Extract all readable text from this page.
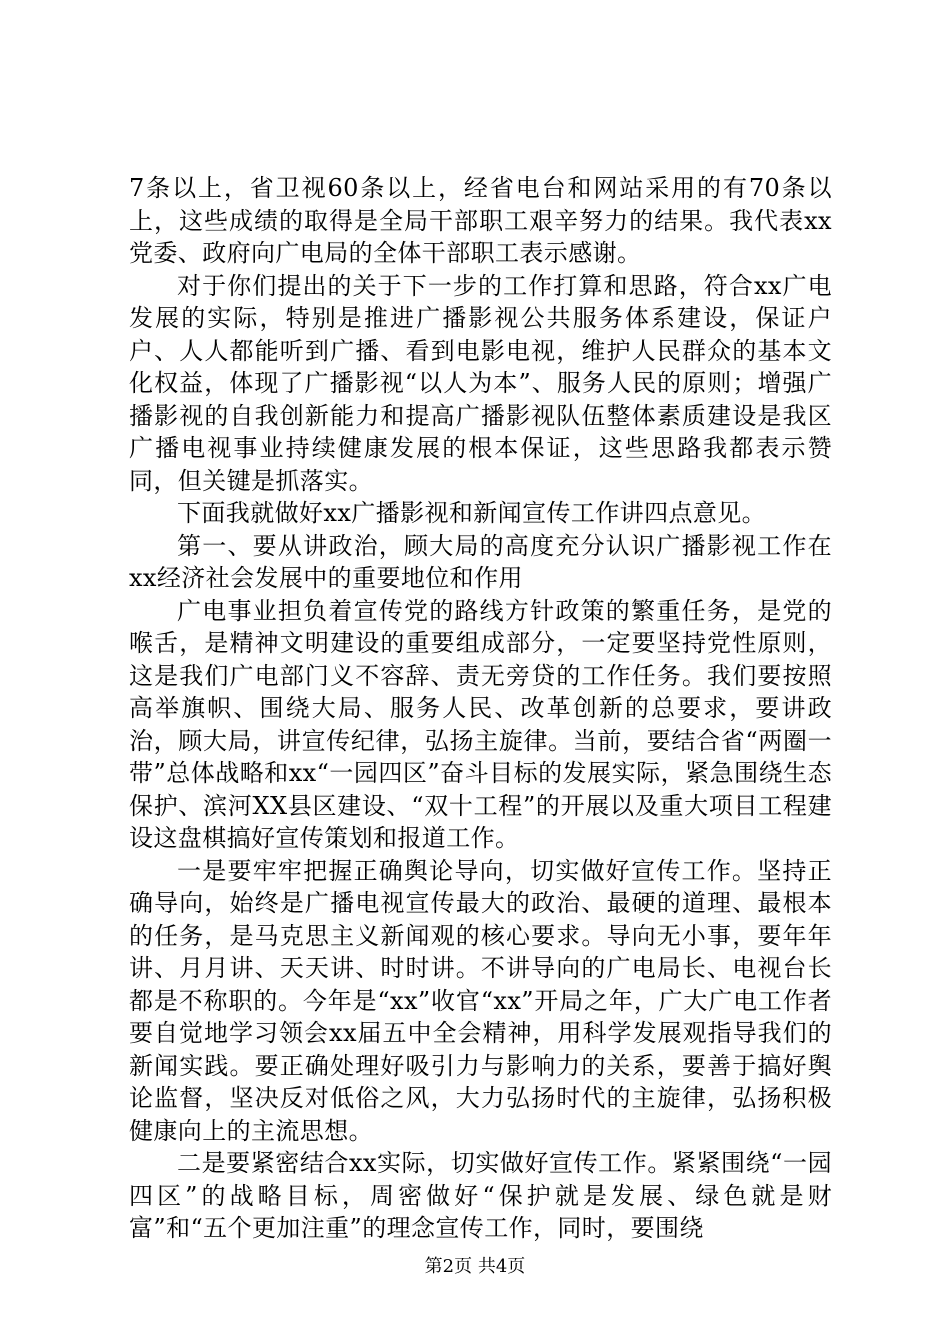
7条以上，省卫视60条以上，经省电台和网站采用的有70条以上，这些成绩的取得是全局干部职工艰辛努力的结果。我代表xx党委、政府向广电局的全体干部职工表示感谢。

对于你们提出的关于下一步的工作打算和思路，符合xx广电发展的实际，特别是推进广播影视公共服务体系建设，保证户户、人人都能听到广播、看到电影电视，维护人民群众的基本文化权益，体现了广播影视“以人为本”、服务人民的原则；增强广播影视的自我创新能力和提高广播影视队伍整体素质建设是我区广播电视事业持续健康发展的根本保证，这些思路我都表示赞同，但关键是抓落实。

下面我就做好xx广播影视和新闻宣传工作讲四点意见。

第一、要从讲政治，顾大局的高度充分认识广播影视工作在xx经济社会发展中的重要地位和作用

广电事业担负着宣传党的路线方针政策的繁重任务，是党的喉舌，是精神文明建设的重要组成部分，一定要坚持党性原则，这是我们广电部门义不容辞、责无旁贷的工作任务。我们要按照高举旗帜、围绕大局、服务人民、改革创新的总要求，要讲政治，顾大局，讲宣传纪律，弘扬主旋律。当前，要结合省“两圈一带”总体战略和xx“一园四区”奋斗目标的发展实际，紧急围绕生态保护、滨河XX县区建设、“双十工程”的开展以及重大项目工程建设这盘棋搞好宣传策划和报道工作。

一是要牢牢把握正确舆论导向，切实做好宣传工作。坚持正确导向，始终是广播电视宣传最大的政治、最硬的道理、最根本的任务，是马克思主义新闻观的核心要求。导向无小事，要年年讲、月月讲、天天讲、时时讲。不讲导向的广电局长、电视台长都是不称职的。今年是“xx”收官“xx”开局之年，广大广电工作者要自觉地学习领会xx届五中全会精神，用科学发展观指导我们的新闻实践。要正确处理好吸引力与影响力的关系，要善于搞好舆论监督，坚决反对低俗之风，大力弘扬时代的主旋律，弘扬积极健康向上的主流思想。

二是要紧密结合xx实际，切实做好宣传工作。紧紧围绕“一园四区”的战略目标，周密做好“保护就是发展、绿色就是财富”和“五个更加注重”的理念宣传工作，同时，要围绕

第2页 共4页
